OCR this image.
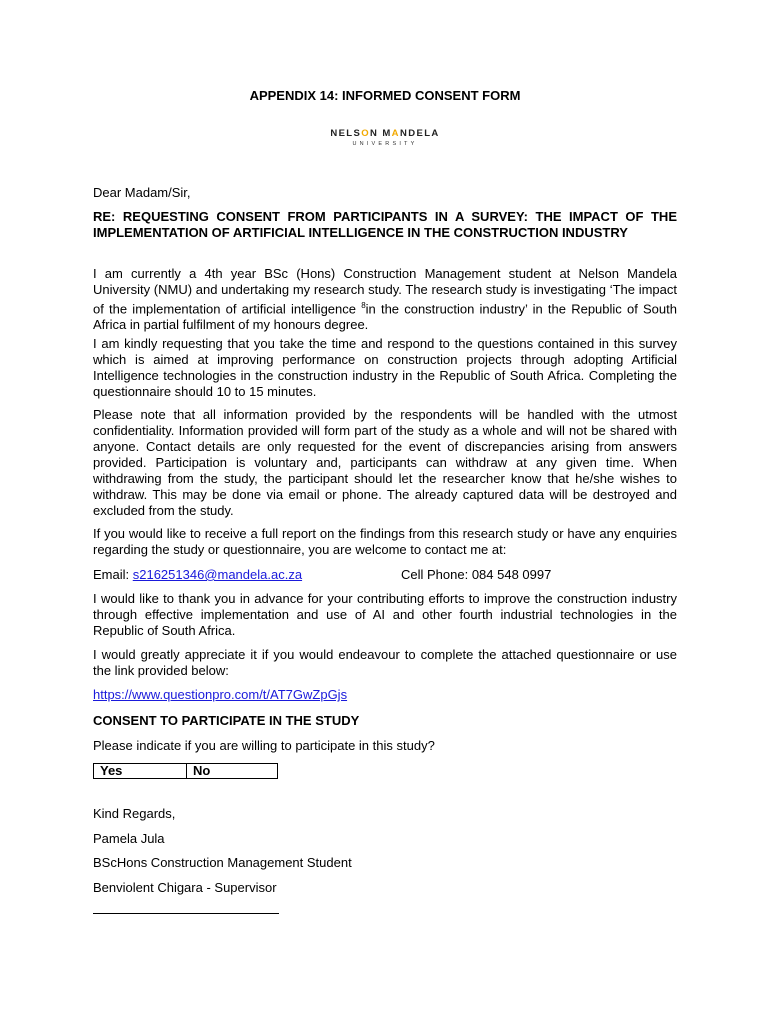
APPENDIX 14: INFORMED CONSENT FORM
NELSON MANDELA
UNIVERSITY
Dear Madam/Sir,
RE: REQUESTING CONSENT FROM PARTICIPANTS IN A SURVEY: THE IMPACT OF THE IMPLEMENTATION OF ARTIFICIAL INTELLIGENCE IN THE CONSTRUCTION INDUSTRY
I am currently a 4th year BSc (Hons) Construction Management student at Nelson Mandela University (NMU) and undertaking my research study. The research study is investigating ‘The impact of the implementation of artificial intelligence $^8$in the construction industry’ in the Republic of South Africa in partial fulfilment of my honours degree.
I am kindly requesting that you take the time and respond to the questions contained in this survey which is aimed at improving performance on construction projects through adopting Artificial Intelligence technologies in the construction industry in the Republic of South Africa. Completing the questionnaire should 10 to 15 minutes.
Please note that all information provided by the respondents will be handled with the utmost confidentiality. Information provided will form part of the study as a whole and will not be shared with anyone. Contact details are only requested for the event of discrepancies arising from answers provided. Participation is voluntary and, participants can withdraw at any given time. When withdrawing from the study, the participant should let the researcher know that he/she wishes to withdraw. This may be done via email or phone. The already captured data will be destroyed and excluded from the study.
If you would like to receive a full report on the findings from this research study or have any enquiries regarding the study or questionnaire, you are welcome to contact me at:
Email: s216251346@mandela.ac.za	Cell Phone: 084 548 0997
I would like to thank you in advance for your contributing efforts to improve the construction industry through effective implementation and use of AI and other fourth industrial technologies in the Republic of South Africa.
I would greatly appreciate it if you would endeavour to complete the attached questionnaire or use the link provided below:
https://www.questionpro.com/t/AT7GwZpGjs
CONSENT TO PARTICIPATE IN THE STUDY
Please indicate if you are willing to participate in this study?
Yes	No
Kind Regards,
Pamela Jula
BScHons Construction Management Student
Benviolent Chigara - Supervisor
